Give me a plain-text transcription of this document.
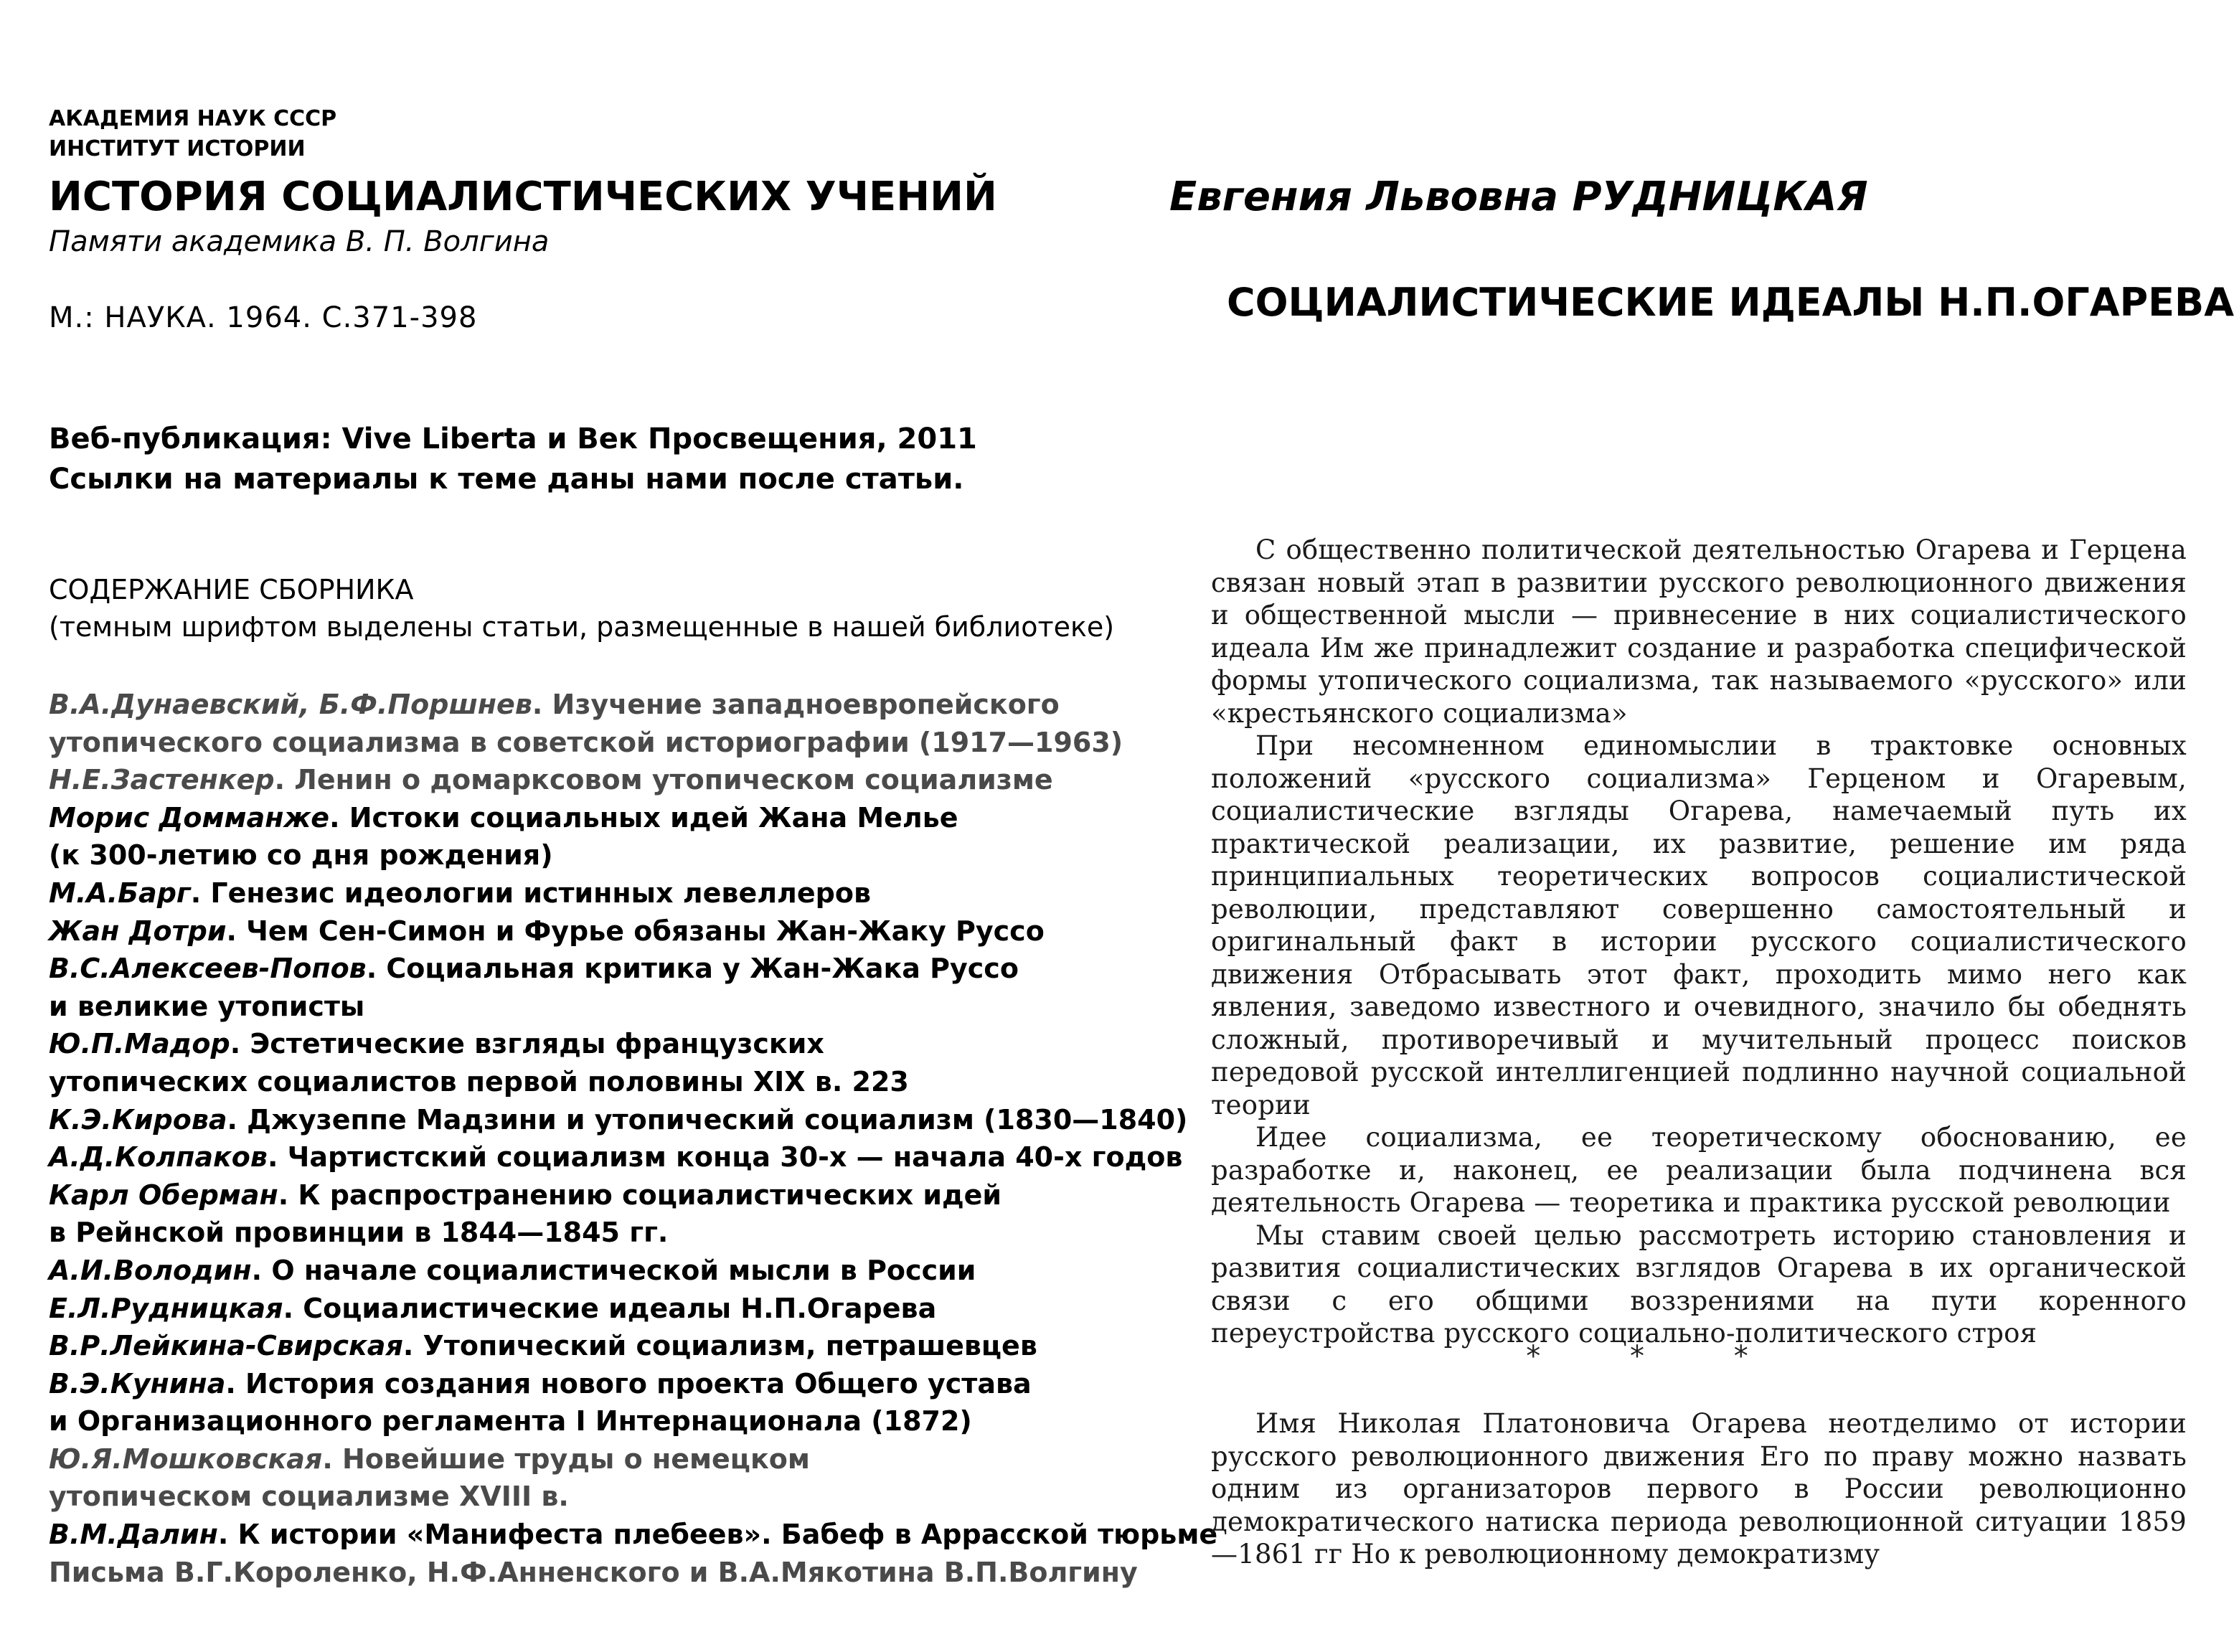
АКАДЕМИЯ НАУК СССР
ИНСТИТУТ ИСТОРИИ
ИСТОРИЯ СОЦИАЛИСТИЧЕСКИХ УЧЕНИЙ
Памяти академика В. П. Волгина
М.: НАУКА. 1964. С.371-398
Веб-публикация: Vive Liberta и Век Просвещения, 2011
Ссылки на материалы к теме даны нами после статьи.
СОДЕРЖАНИЕ СБОРНИКА
(темным шрифтом выделены статьи, размещенные в нашей библиотеке)
В.А.Дунаевский, Б.Ф.Поршнев. Изучение западноевропейского
утопического социализма в советской историографии (1917—1963)
Н.Е.Застенкер. Ленин о домарксовом утопическом социализме
Морис Домманже. Истоки социальных идей Жана Мелье
(к 300-летию со дня рождения)
М.А.Барг. Генезис идеологии истинных левеллеров
Жан Дотри. Чем Сен-Симон и Фурье обязаны Жан-Жаку Руссо
В.С.Алексеев-Попов. Социальная критика у Жан-Жака Руссо
и великие утописты
Ю.П.Мадор. Эстетические взгляды французских
утопических социалистов первой половины XIX в. 223
К.Э.Кирова. Джузеппе Мадзини и утопический социализм (1830—1840)
А.Д.Колпаков. Чартистский социализм конца 30-х — начала 40-х годов
Карл Оберман. К распространению социалистических идей
в Рейнской провинции в 1844—1845 гг.
А.И.Володин. О начале социалистической мысли в России
Е.Л.Рудницкая. Социалистические идеалы Н.П.Огарева
В.Р.Лейкина-Свирская. Утопический социализм, петрашевцев
В.Э.Кунина. История создания нового проекта Общего устава
и Организационного регламента I Интернационала (1872)
Ю.Я.Мошковская. Новейшие труды о немецком
утопическом социализме XVIII в.
В.М.Далин. К истории «Манифеста плебеев». Бабеф в Аррасской тюрьме
Письма В.Г.Короленко, Н.Ф.Анненского и В.А.Мякотина В.П.Волгину
Евгения Львовна РУДНИЦКАЯ
СОЦИАЛИСТИЧЕСКИЕ ИДЕАЛЫ Н.П.ОГАРЕВА

С общественно политической деятельностью Огарева и Герцена связан новый этап в развитии русского революционного движения и общественной мысли — привнесение в них социалистического идеала Им же принадлежит создание и разработка специфической формы утопического социализма, так называемого «русского» или «крестьянского социализма»

При несомненном единомыслии в трактовке основных положений «русского социализма» Герценом и Огаревым, социалистические взгляды Огарева, намечаемый путь их практической реализации, их развитие, решение им ряда принципиальных теоретических вопросов социалистической революции, представляют совершенно самостоятельный и оригинальный факт в истории русского социалистического движения Отбрасывать этот факт, проходить мимо него как явления, заведомо известного и очевидного, значило бы обеднять сложный, противоречивый и мучительный процесс поисков передовой русской интеллигенцией подлинно научной социальной теории

Идее социализма, ее теоретическому обоснованию, ее разработке и, наконец, ее реализации была подчинена вся деятельность Огарева — теоретика и практика русской революции

Мы ставим своей целью рассмотреть историю становления и развития социалистических взглядов Огарева в их органической связи с его общими воззрениями на пути коренного переустройства русского социально-политического строя

* * *

Имя Николая Платоновича Огарева неотделимо от истории русского революционного движения Его по праву можно назвать одним из организаторов первого в России революционно демократического натиска периода революционной ситуации 1859—1861 гг Но к революционному демократизму
